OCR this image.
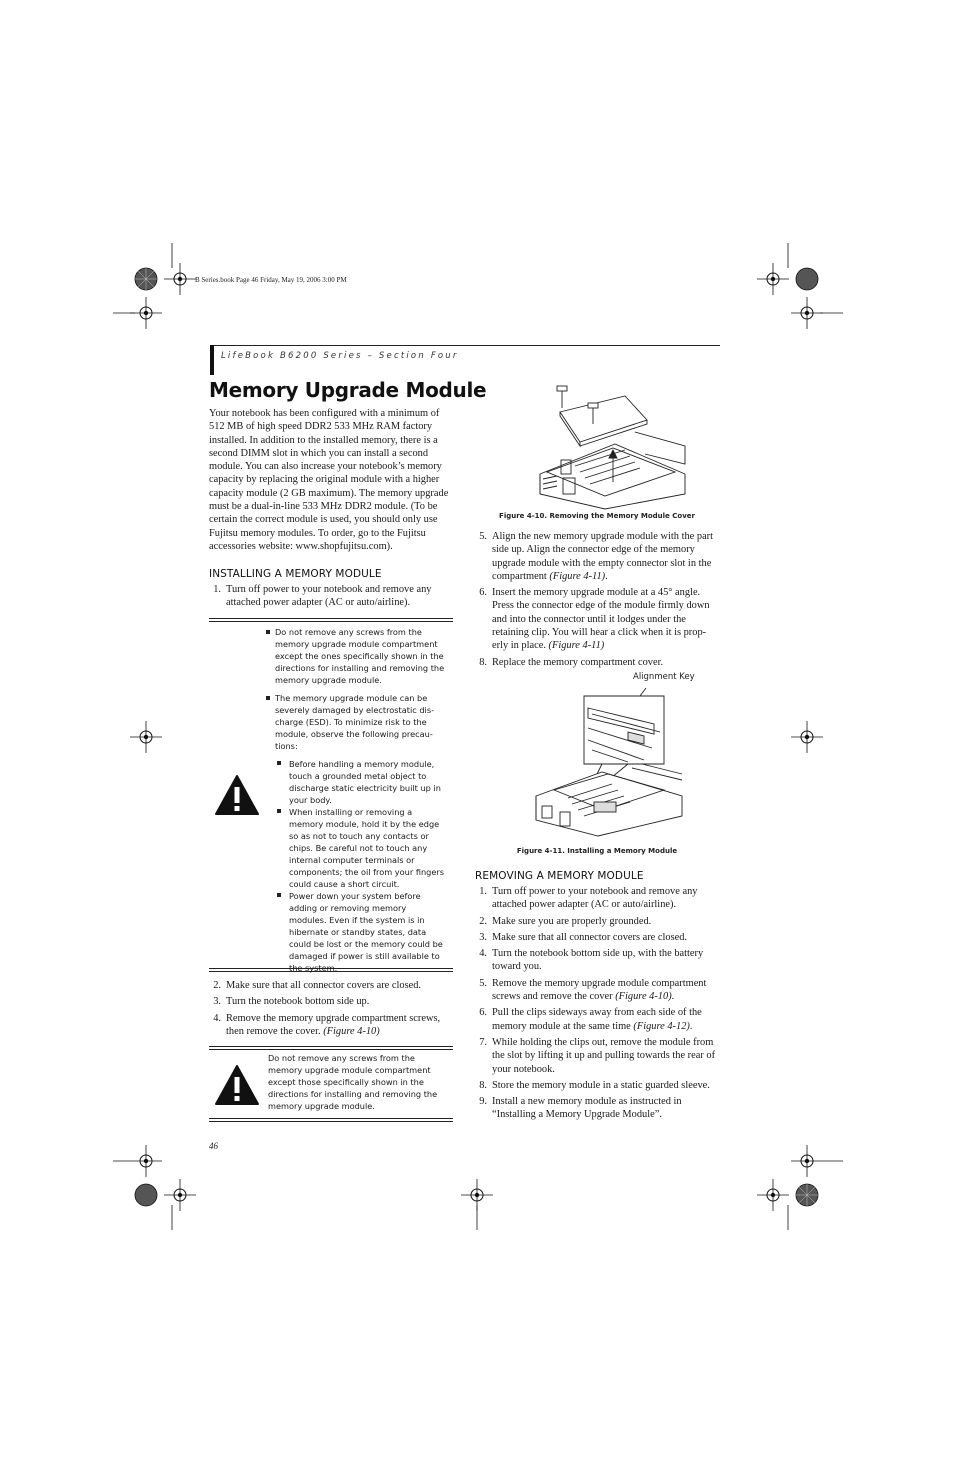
B Series.book Page 46 Friday, May 19, 2006 3:00 PM
LifeBook B6200 Series – Section Four
Memory Upgrade Module
Your notebook has been configured with a minimum of 512 MB of high speed DDR2 533 MHz RAM factory installed. In addition to the installed memory, there is a second DIMM slot in which you can install a second module. You can also increase your notebook’s memory capacity by replacing the original module with a higher capacity module (2 GB maximum). The memory upgrade must be a dual-in-line 533 MHz DDR2 module. (To be certain the correct module is used, you should only use Fujitsu memory modules. To order, go to the Fujitsu accessories website: www.shopfujitsu.com).
INSTALLING A MEMORY MODULE
1. Turn off power to your notebook and remove any attached power adapter (AC or auto/airline).
Do not remove any screws from the memory upgrade module compartment except the ones specifically shown in the directions for installing and removing the memory upgrade module.
The memory upgrade module can be severely damaged by electrostatic dis-charge (ESD). To minimize risk to the module, observe the following precau-tions:
Before handling a memory module, touch a grounded metal object to discharge static electricity built up in your body.
When installing or removing a memory module, hold it by the edge so as not to touch any contacts or chips. Be careful not to touch any internal computer terminals or components; the oil from your fingers could cause a short circuit.
Power down your system before adding or removing memory modules. Even if the system is in hibernate or standby states, data could be lost or the memory could be damaged if power is still available to the system.
2. Make sure that all connector covers are closed.
3. Turn the notebook bottom side up.
4. Remove the memory upgrade compartment screws, then remove the cover. (Figure 4-10)
Do not remove any screws from the memory upgrade module compartment except those specifically shown in the directions for installing and removing the memory upgrade module.
46
Figure 4-10. Removing the Memory Module Cover
5. Align the new memory upgrade module with the part side up. Align the connector edge of the memory upgrade module with the empty connector slot in the compartment (Figure 4-11).
6. Insert the memory upgrade module at a 45° angle. Press the connector edge of the module firmly down and into the connector until it lodges under the retaining clip. You will hear a click when it is prop-erly in place. (Figure 4-11)
8. Replace the memory compartment cover.
Alignment Key
Figure 4-11. Installing a Memory Module
REMOVING A MEMORY MODULE
1. Turn off power to your notebook and remove any attached power adapter (AC or auto/airline).
2. Make sure you are properly grounded.
3. Make sure that all connector covers are closed.
4. Turn the notebook bottom side up, with the battery toward you.
5. Remove the memory upgrade module compartment screws and remove the cover (Figure 4-10).
6. Pull the clips sideways away from each side of the memory module at the same time (Figure 4-12).
7. While holding the clips out, remove the module from the slot by lifting it up and pulling towards the rear of your notebook.
8. Store the memory module in a static guarded sleeve.
9. Install a new memory module as instructed in “Installing a Memory Upgrade Module”.
